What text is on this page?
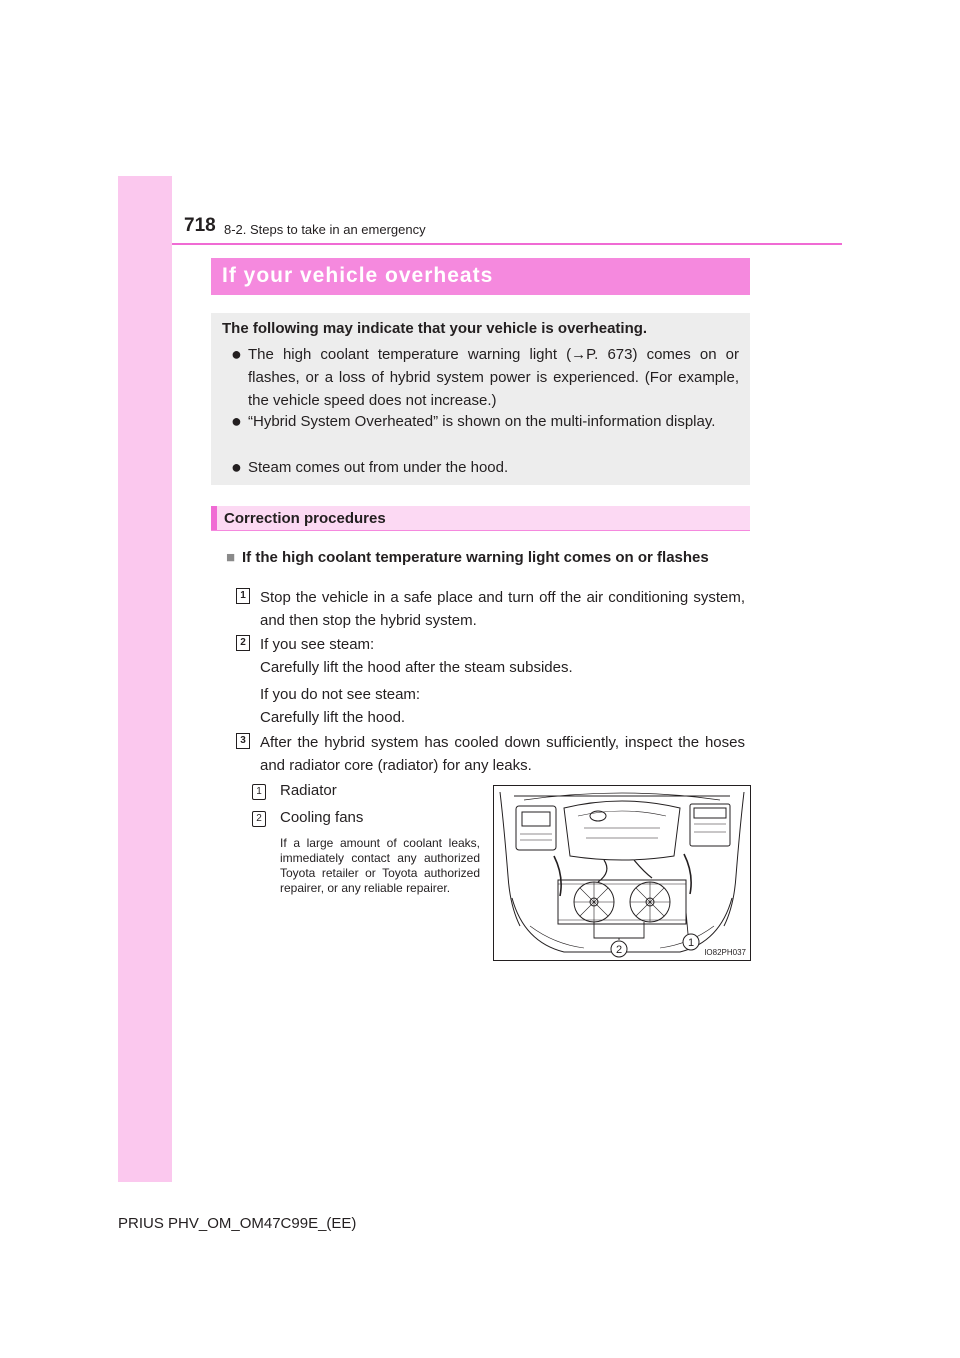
718 8-2. Steps to take in an emergency
If your vehicle overheats
The following may indicate that your vehicle is overheating.
● The high coolant temperature warning light (→P. 673) comes on or flashes, or a loss of hybrid system power is experienced. (For example, the vehicle speed does not increase.)
● “Hybrid System Overheated” is shown on the multi-information display.
● Steam comes out from under the hood.
Correction procedures
■ If the high coolant temperature warning light comes on or flashes
1 Stop the vehicle in a safe place and turn off the air conditioning system, and then stop the hybrid system.
2 If you see steam:
Carefully lift the hood after the steam subsides.
If you do not see steam:
Carefully lift the hood.
3 After the hybrid system has cooled down sufficiently, inspect the hoses and radiator core (radiator) for any leaks.
1 Radiator
2 Cooling fans
If a large amount of coolant leaks, immediately contact any authorized Toyota retailer or Toyota authorized repairer, or any reliable repairer.
2
1
IO82PH037
PRIUS PHV_OM_OM47C99E_(EE)
